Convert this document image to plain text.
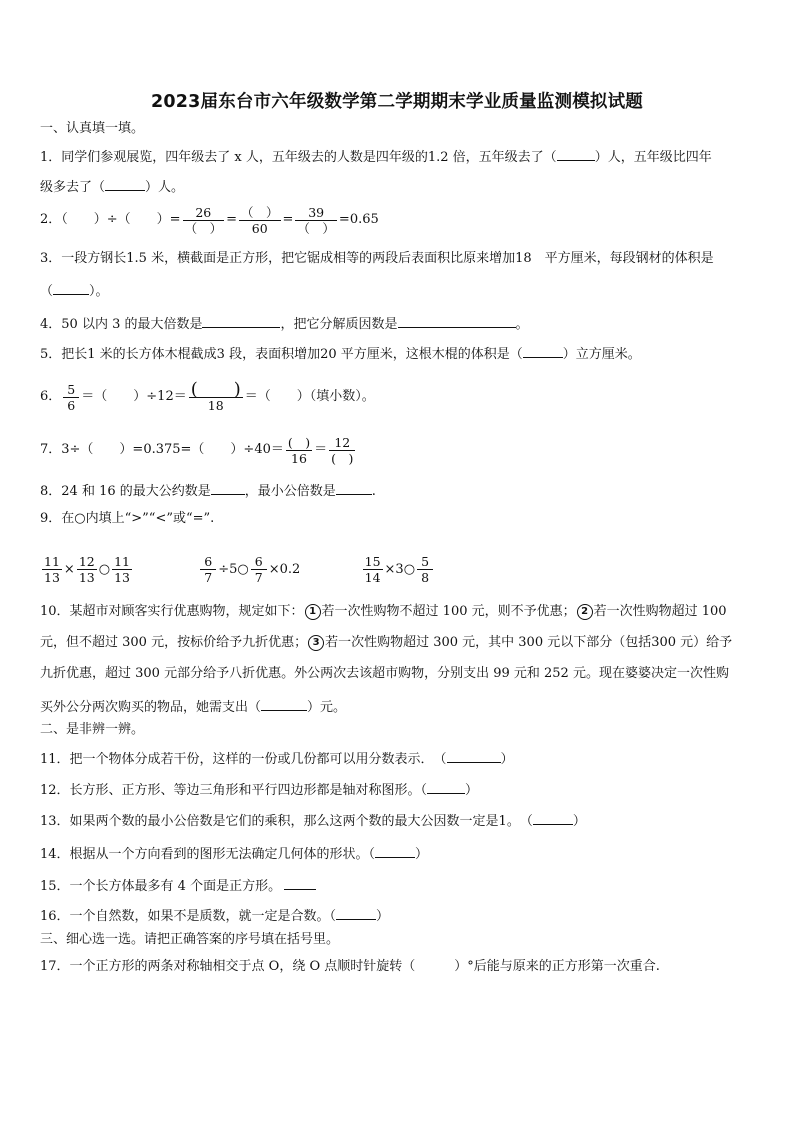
2023届东台市六年级数学第二学期期末学业质量监测模拟试题
一、认真填一填。
1．同学们参观展览，四年级去了 x 人，五年级去的人数是四年级的1.2 倍，五年级去了（	）人，五年级比四年
级多去了（	）人。
2．（　　）÷（　　）= $\frac{26}{( )} = \frac{( )}{60} = \frac{39}{( )} =0.65$
3．一段方钢长1.5 米，横截面是正方形，把它锯成相等的两段后表面积比原来增加18　平方厘米，每段钢材的体积是
（	）。
4．50 以内 3 的最大倍数是	，把它分解质因数是	。
5．把长1 米的长方体木棍截成3 段，表面积增加20 平方厘米，这根木棍的体积是（	）立方厘米。
6． $\frac{5}{6}$ ＝（　　）$\div 12= \frac{( )}{18}$ ＝（　　）（填小数）。
7．3÷（　　）=0.375=（　　）$\div 40= \frac{( )}{16} = \frac{12}{( )}$
8．24 和 16 的最大公约数是	，最小公倍数是	.
9．在○内填上“>”“<”或“=”.
$\frac{11}{13} \times \frac{12}{13}$ ○ $\frac{11}{13}$
	$\frac{6}{7}$ ÷5○ $\frac{6}{7} \times 0.2$
	$\frac{15}{14}$ ×3○ $\frac{5}{8}$
10．某超市对顾客实行优惠购物，规定如下： 1 若一次性购物不超过 100 元，则不予优惠； 2 若一次性购物超过 100
元，但不超过 300 元，按标价给予九折优惠； 3 若一次性购物超过 300 元，其中 300 元以下部分（包括300 元）给予
九折优惠，超过 300 元部分给予八折优惠。外公两次去该超市购物，分别支出 99 元和 252 元。现在婆婆决定一次性购
买外公分两次购买的物品，她需支出（	）元。
二、是非辨一辨。
11．把一个物体分成若干份，这样的一份或几份都可以用分数表示．　（	）
12．长方形、正方形、等边三角形和平行四边形都是轴对称图形。（	）
13．如果两个数的最小公倍数是它们的乘积，那么这两个数的最大公因数一定是1。　（	）
14．根据从一个方向看到的图形无法确定几何体的形状。（	）
15．一个长方体最多有 4 个面是正方形。
16．一个自然数，如果不是质数，就一定是合数。（	）
三、细心选一选。请把正确答案的序号填在括号里。
17．一个正方形的两条对称轴相交于点 O，绕 O 点顺时针旋转（　　　）°后能与原来的正方形第一次重合.
